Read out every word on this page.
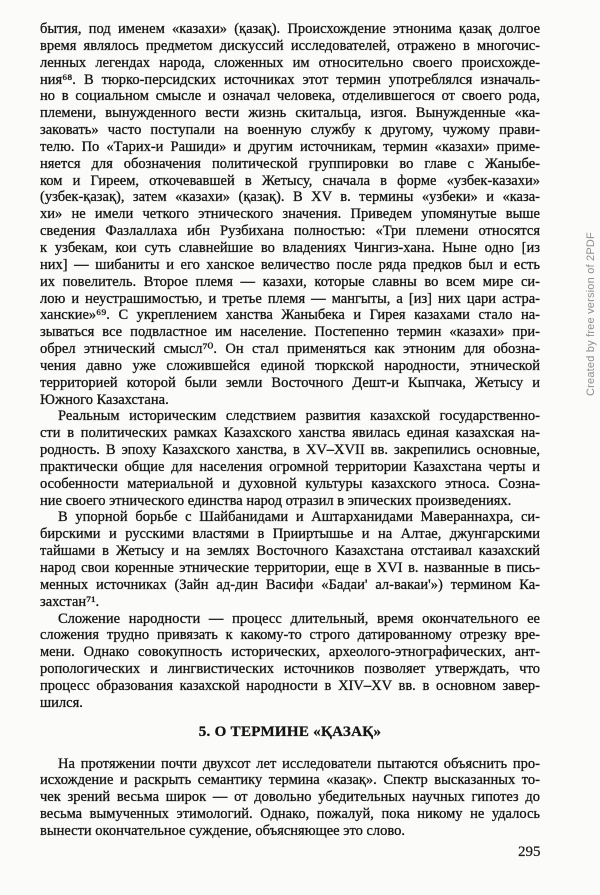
бытия, под именем «казахи» (қазақ). Происхождение этнонима қазақ долгое
время являлось предметом дискуссий исследователей, отражено в многочис-
ленных легендах народа, сложенных им относительно своего происхожде-
ния⁶⁸. В тюрко-персидских источниках этот термин употреблялся изначаль-
но в социальном смысле и означал человека, отделившегося от своего рода,
племени, вынужденного вести жизнь скитальца, изгоя. Вынужденные «ка-
заковать» часто поступали на военную службу к другому, чужому прави-
телю. По «Тарих-и Рашиди» и другим источникам, термин «казахи» приме-
няется для обозначения политической группировки во главе с Жаныбе-
ком и Гиреем, откочевавшей в Жетысу, сначала в форме «узбек-казахи»
(узбек-қазақ), затем «казахи» (қазақ). В XV в. термины «узбеки» и «каза-
хи» не имели четкого этнического значения. Приведем упомянутые выше
сведения Фазлаллаха ибн Рузбихана полностью: «Три племени относятся
к узбекам, кои суть славнейшие во владениях Чингиз-хана. Ныне одно [из
них] — шибаниты и его ханское величество после ряда предков был и есть
их повелитель. Второе племя — казахи, которые славны во всем мире си-
лою и неустрашимостью, и третье племя — мангыты, а [из] них цари астра-
ханские»⁶⁹. С укреплением ханства Жаныбека и Гирея казахами стало на-
зываться все подвластное им население. Постепенно термин «казахи» при-
обрел этнический смысл⁷⁰. Он стал применяться как этноним для обозна-
чения давно уже сложившейся единой тюркской народности, этнической
территорией которой были земли Восточного Дешт-и Кыпчака, Жетысу и
Южного Казахстана.
Реальным историческим следствием развития казахской государственно-
сти в политических рамках Казахского ханства явилась единая казахская на-
родность. В эпоху Казахского ханства, в XV–XVII вв. закрепились основные,
практически общие для населения огромной территории Казахстана черты и
особенности материальной и духовной культуры казахского этноса. Созна-
ние своего этнического единства народ отразил в эпических произведениях.
В упорной борьбе с Шайбанидами и Аштарханидами Мавераннахра, си-
бирскими и русскими властями в Прииртышье и на Алтае, джунгарскими
тайшами в Жетысу и на землях Восточного Казахстана отстаивал казахский
народ свои коренные этнические территории, еще в XVI в. названные в пись-
менных источниках (Зайн ад-дин Васифи «Бадаи' ал-вакаи'») термином Ка-
захстан⁷¹.
Сложение народности — процесс длительный, время окончательного ее
сложения трудно привязать к какому-то строго датированному отрезку вре-
мени. Однако совокупность исторических, археолого-этнографических, ант-
ропологических и лингвистических источников позволяет утверждать, что
процесс образования казахской народности в XIV–XV вв. в основном завер-
шился.
5. О ТЕРМИНЕ «ҚАЗАҚ»
На протяжении почти двухсот лет исследователи пытаются объяснить про-
исхождение и раскрыть семантику термина «казақ». Спектр высказанных то-
чек зрений весьма широк — от довольно убедительных научных гипотез до
весьма вымученных этимологий. Однако, пожалуй, пока никому не удалось
вынести окончательное суждение, объясняющее это слово.
Created by free version of 2PDF
295
